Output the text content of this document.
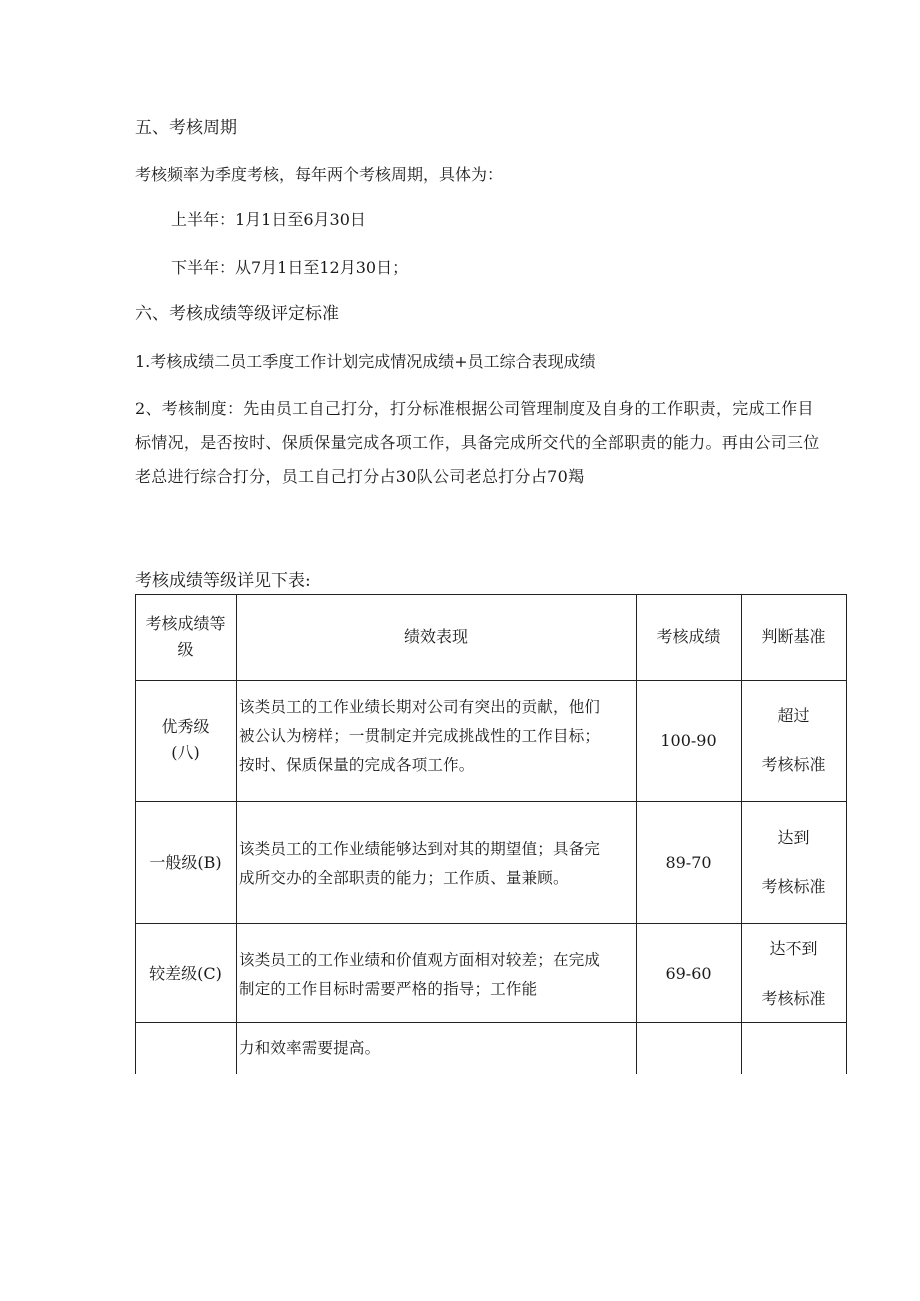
五、考核周期
考核频率为季度考核，每年两个考核周期，具体为：
上半年：1月1日至6月30日
下半年：从7月1日至12月30日；
六、考核成绩等级评定标准
1.考核成绩二员工季度工作计划完成情况成绩+员工综合表现成绩
2、考核制度：先由员工自己打分，打分标准根据公司管理制度及自身的工作职责，完成工作目
标情况，是否按时、保质保量完成各项工作，具备完成所交代的全部职责的能力。再由公司三位
老总进行综合打分，员工自己打分占30队公司老总打分占70羯
考核成绩等级详见下表:
考核成绩等
级
绩效表现	考核成绩	判断基准
优秀级
(八)
该类员工的工作业绩长期对公司有突出的贡献，他们
被公认为榜样；一贯制定并完成挑战性的工作目标；
按时、保质保量的完成各项工作。
100-90
超过
考核标准
一般级(B)
该类员工的工作业绩能够达到对其的期望值；具备完
成所交办的全部职责的能力；工作质、量兼顾。
89-70
达到
考核标准
较差级(C)
该类员工的工作业绩和价值观方面相对较差；在完成
制定的工作目标时需要严格的指导；工作能
69-60
达不到
考核标准
力和效率需要提高。
